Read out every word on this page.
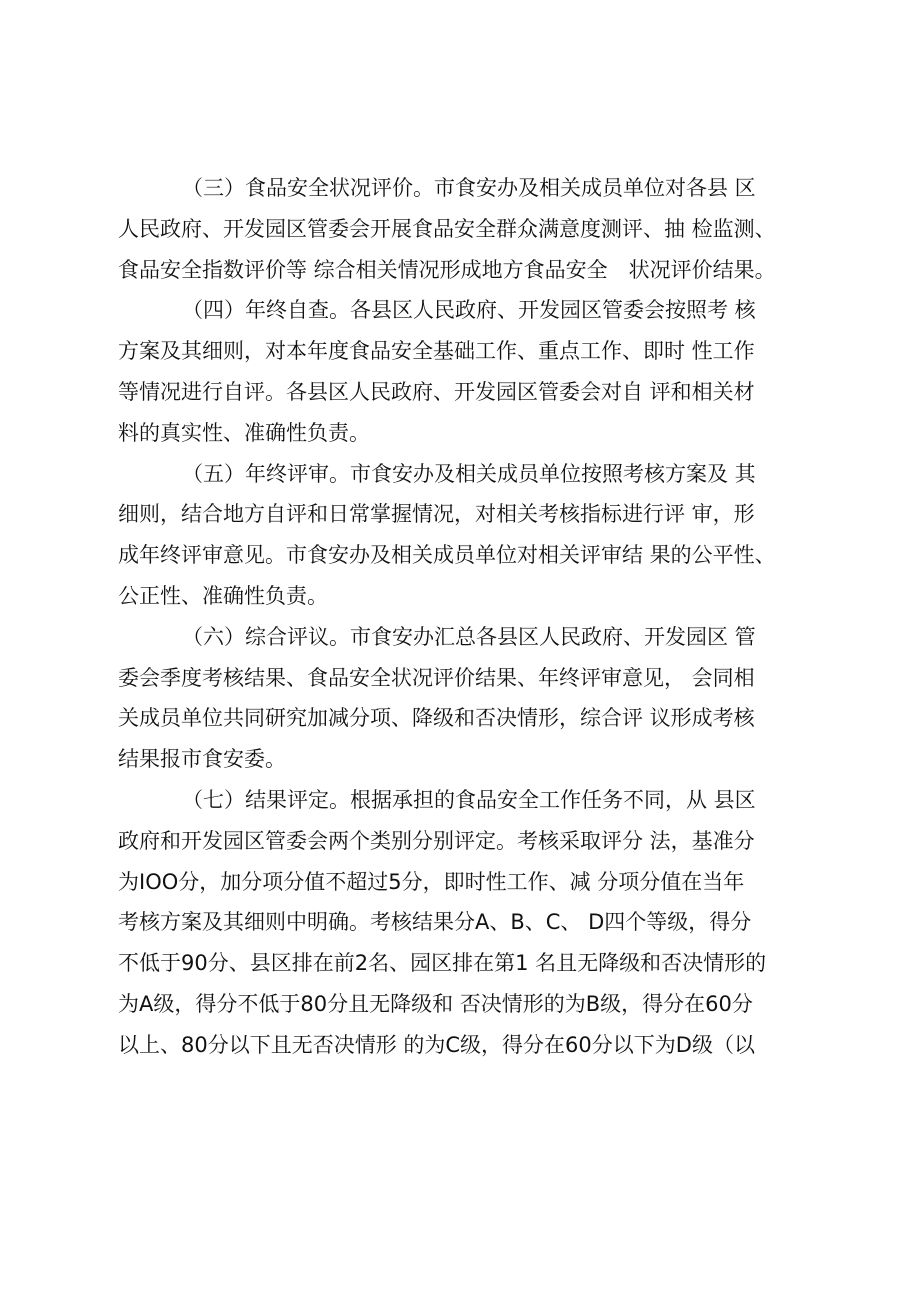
（三）食品安全状况评价。市食安办及相关成员单位对各县 区
人民政府、开发园区管委会开展食品安全群众满意度测评、抽 检监测、
食品安全指数评价等 综合相关情况形成地方食品安全　状况评价结果。
（四）年终自查。各县区人民政府、开发园区管委会按照考 核
方案及其细则，对本年度食品安全基础工作、重点工作、即时 性工作
等情况进行自评。各县区人民政府、开发园区管委会对自 评和相关材
料的真实性、准确性负责。
（五）年终评审。市食安办及相关成员单位按照考核方案及 其
细则，结合地方自评和日常掌握情况，对相关考核指标进行评 审，形
成年终评审意见。市食安办及相关成员单位对相关评审结 果的公平性、
公正性、准确性负责。
（六）综合评议。市食安办汇总各县区人民政府、开发园区 管
委会季度考核结果、食品安全状况评价结果、年终评审意见， 会同相
关成员单位共同研究加减分项、降级和否决情形，综合评 议形成考核
结果报市食安委。
（七）结果评定。根据承担的食品安全工作任务不同，从 县区
政府和开发园区管委会两个类别分别评定。考核采取评分 法，基准分
为IOO分，加分项分值不超过5分，即时性工作、减 分项分值在当年
考核方案及其细则中明确。考核结果分A、B、C、 D四个等级，得分
不低于90分、县区排在前2名、园区排在第1 名且无降级和否决情形的
为A级，得分不低于80分且无降级和 否决情形的为B级，得分在60分
以上、80分以下且无否决情形 的为C级，得分在60分以下为D级（以
